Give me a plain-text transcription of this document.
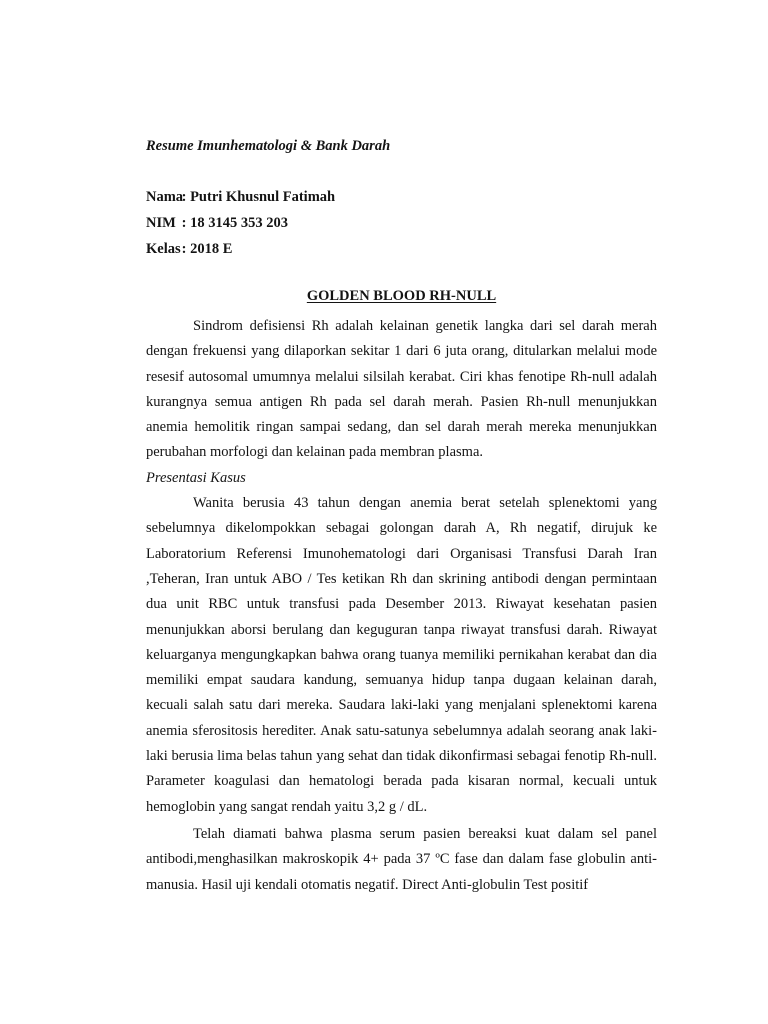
Resume Imunhematologi & Bank Darah
Nama : Putri Khusnul Fatimah
NIM : 18 3145 353 203
Kelas : 2018 E
GOLDEN BLOOD RH-NULL

Sindrom defisiensi Rh adalah kelainan genetik langka dari sel darah merah dengan frekuensi yang dilaporkan sekitar 1 dari 6 juta orang, ditularkan melalui mode resesif autosomal umumnya melalui silsilah kerabat. Ciri khas fenotipe Rh-null adalah kurangnya semua antigen Rh pada sel darah merah. Pasien Rh-null menunjukkan anemia hemolitik ringan sampai sedang, dan sel darah merah mereka menunjukkan perubahan morfologi dan kelainan pada membran plasma.

Presentasi Kasus

Wanita berusia 43 tahun dengan anemia berat setelah splenektomi yang sebelumnya dikelompokkan sebagai golongan darah A, Rh negatif, dirujuk ke Laboratorium Referensi Imunohematologi dari Organisasi Transfusi Darah Iran ,Teheran, Iran untuk ABO / Tes ketikan Rh dan skrining antibodi dengan permintaan dua unit RBC untuk transfusi pada Desember 2013. Riwayat kesehatan pasien menunjukkan aborsi berulang dan keguguran tanpa riwayat transfusi darah. Riwayat keluarganya mengungkapkan bahwa orang tuanya memiliki pernikahan kerabat dan dia memiliki empat saudara kandung, semuanya hidup tanpa dugaan kelainan darah, kecuali salah satu dari mereka. Saudara laki-laki yang menjalani splenektomi karena anemia sferositosis herediter. Anak satu-satunya sebelumnya adalah seorang anak laki-laki berusia lima belas tahun yang sehat dan tidak dikonfirmasi sebagai fenotip Rh-null. Parameter koagulasi dan hematologi berada pada kisaran normal, kecuali untuk hemoglobin yang sangat rendah yaitu 3,2 g / dL.

Telah diamati bahwa plasma serum pasien bereaksi kuat dalam sel panel antibodi,menghasilkan makroskopik 4+ pada 37 ºC fase dan dalam fase globulin anti-manusia. Hasil uji kendali otomatis negatif. Direct Anti-globulin Test positif
